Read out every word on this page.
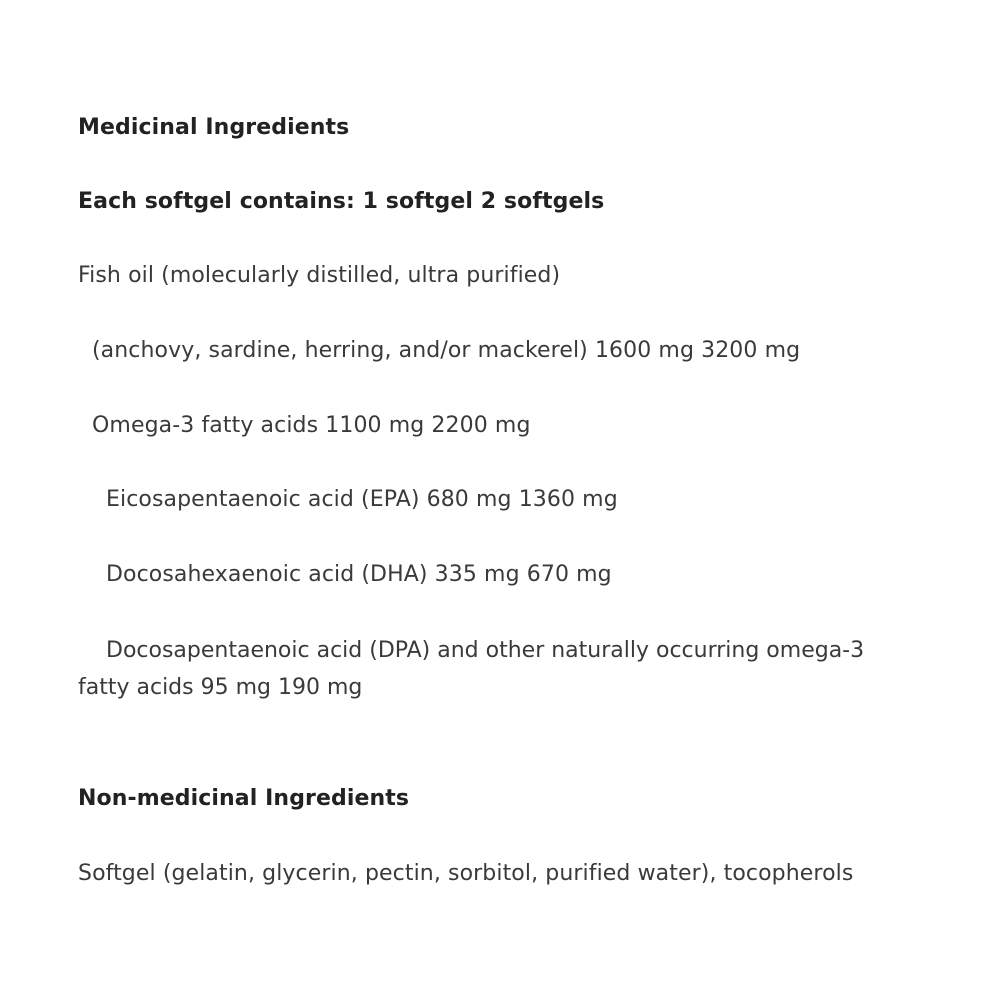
Medicinal Ingredients
Each softgel contains: 1 softgel 2 softgels
Fish oil (molecularly distilled, ultra purified)
(anchovy, sardine, herring, and/or mackerel) 1600 mg 3200 mg
Omega-3 fatty acids 1100 mg 2200 mg
Eicosapentaenoic acid (EPA) 680 mg 1360 mg
Docosahexaenoic acid (DHA) 335 mg 670 mg
Docosapentaenoic acid (DPA) and other naturally occurring omega-3 fatty acids 95 mg 190 mg
Non-medicinal Ingredients
Softgel (gelatin, glycerin, pectin, sorbitol, purified water), tocopherols
